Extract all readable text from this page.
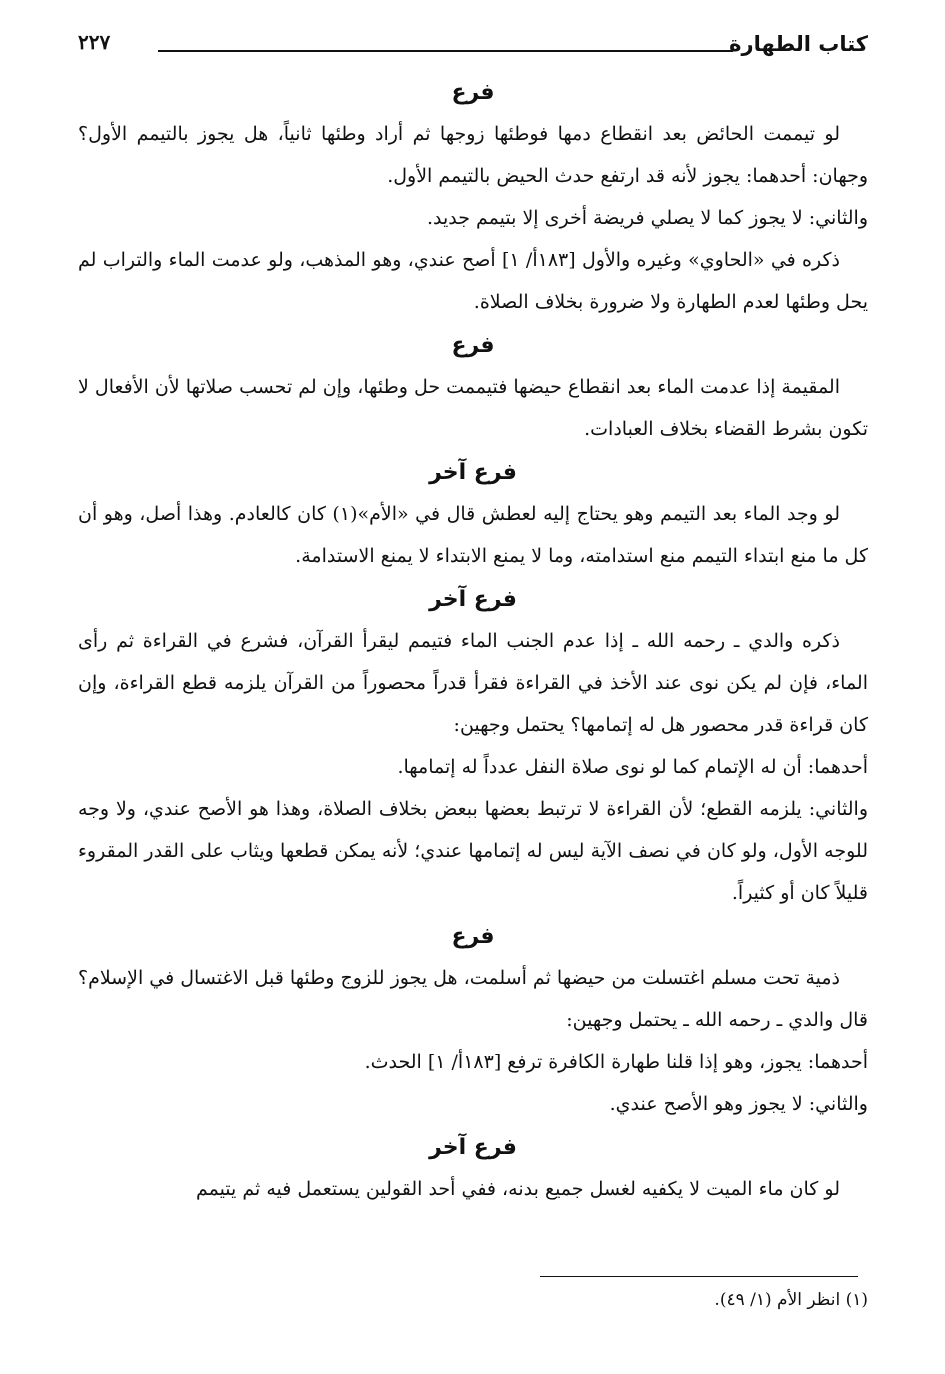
كتاب الطهارة
٢٢٧
فرع

لو تيممت الحائض بعد انقطاع دمها فوطئها زوجها ثم أراد وطئها ثانياً، هل يجوز بالتيمم الأول؟ وجهان: أحدهما: يجوز لأنه قد ارتفع حدث الحيض بالتيمم الأول.

والثاني: لا يجوز كما لا يصلي فريضة أخرى إلا بتيمم جديد.

ذكره في «الحاوي» وغيره والأول [١٨٣أ/ ١] أصح عندي، وهو المذهب، ولو عدمت الماء والتراب لم يحل وطئها لعدم الطهارة ولا ضرورة بخلاف الصلاة.

فرع

المقيمة إذا عدمت الماء بعد انقطاع حيضها فتيممت حل وطئها، وإن لم تحسب صلاتها لأن الأفعال لا تكون بشرط القضاء بخلاف العبادات.

فرع آخر

لو وجد الماء بعد التيمم وهو يحتاج إليه لعطش قال في «الأم»(١) كان كالعادم. وهذا أصل، وهو أن كل ما منع ابتداء التيمم منع استدامته، وما لا يمنع الابتداء لا يمنع الاستدامة.

فرع آخر

ذكره والدي ـ رحمه الله ـ إذا عدم الجنب الماء فتيمم ليقرأ القرآن، فشرع في القراءة ثم رأى الماء، فإن لم يكن نوى عند الأخذ في القراءة فقرأ قدراً محصوراً من القرآن يلزمه قطع القراءة، وإن كان قراءة قدر محصور هل له إتمامها؟ يحتمل وجهين:

أحدهما: أن له الإتمام كما لو نوى صلاة النفل عدداً له إتمامها.

والثاني: يلزمه القطع؛ لأن القراءة لا ترتبط بعضها ببعض بخلاف الصلاة، وهذا هو الأصح عندي، ولا وجه للوجه الأول، ولو كان في نصف الآية ليس له إتمامها عندي؛ لأنه يمكن قطعها ويثاب على القدر المقروء قليلاً كان أو كثيراً.

فرع

ذمية تحت مسلم اغتسلت من حيضها ثم أسلمت، هل يجوز للزوج وطئها قبل الاغتسال في الإسلام؟ قال والدي ـ رحمه الله ـ يحتمل وجهين:

أحدهما: يجوز، وهو إذا قلنا طهارة الكافرة ترفع [١٨٣أ/ ١] الحدث.

والثاني: لا يجوز وهو الأصح عندي.

فرع آخر

لو كان ماء الميت لا يكفيه لغسل جميع بدنه، ففي أحد القولين يستعمل فيه ثم يتيمم

(١) انظر الأم (١/ ٤٩).
